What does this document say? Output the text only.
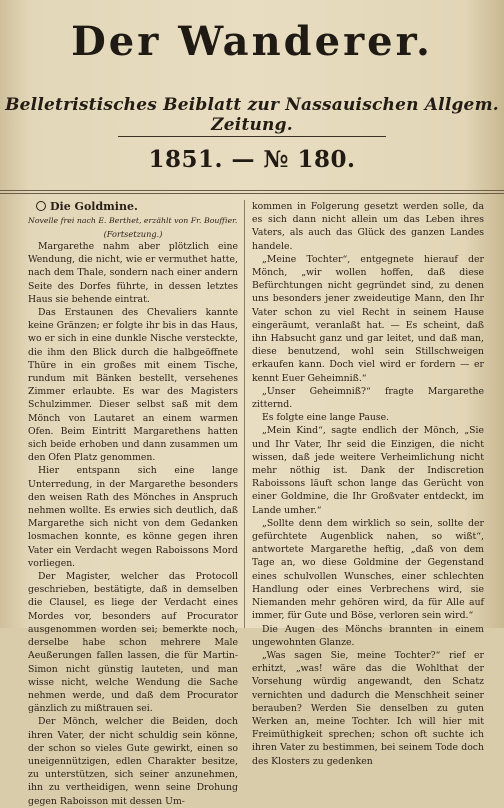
Der Wanderer.
Belletristisches Beiblatt zur Nassauischen Allgem. Zeitung.
1851. — № 180.
Die Goldmine.
Novelle frei nach E. Berthet, erzählt von Fr. Bouffier.
(Fortsetzung.)

Margarethe nahm aber plötzlich eine Wendung, die nicht, wie er vermuthet hatte, nach dem Thale, sondern nach einer andern Seite des Dorfes führte, in dessen letztes Haus sie behende eintrat.

Das Erstaunen des Chevaliers kannte keine Gränzen; er folgte ihr bis in das Haus, wo er sich in eine dunkle Nische versteckte, die ihm den Blick durch die halbgeöffnete Thüre in ein großes mit einem Tische, rundum mit Bänken bestellt, versehenes Zimmer erlaubte. Es war des Magisters Schulzimmer. Dieser selbst saß mit dem Mönch von Lautaret an einem warmen Ofen. Beim Eintritt Margarethens hatten sich beide erhoben und dann zusammen um den Ofen Platz genommen.

Hier entspann sich eine lange Unterredung, in der Margarethe besonders den weisen Rath des Mönches in Anspruch nehmen wollte. Es erwies sich deutlich, daß Margarethe sich nicht von dem Gedanken losmachen konnte, es könne gegen ihren Vater ein Verdacht wegen Raboissons Mord vorliegen.

Der Magister, welcher das Protocoll geschrieben, bestätigte, daß in demselben die Clausel, es liege der Verdacht eines Mordes vor, besonders auf Procurator ausgenommen worden sei; bemerkte noch, derselbe habe schon mehrere Male Aeußerungen fallen lassen, die für Martin-Simon nicht günstig lauteten, und man wisse nicht, welche Wendung die Sache nehmen werde, und daß dem Procurator gänzlich zu mißtrauen sei.

Der Mönch, welcher die Beiden, doch ihren Vater, der nicht schuldig sein könne, der schon so vieles Gute gewirkt, einen so uneigennützigen, edlen Charakter besitze, zu unterstützen, sich seiner anzunehmen, ihn zu vertheidigen, wenn seine Drohung gegen Raboisson mit dessen Um-

kommen in Folgerung gesetzt werden solle, da es sich dann nicht allein um das Leben ihres Vaters, als auch das Glück des ganzen Landes handele.

„Meine Tochter“, entgegnete hierauf der Mönch, „wir wollen hoffen, daß diese Befürchtungen nicht gegründet sind, zu denen uns besonders jener zweideutige Mann, den Ihr Vater schon zu viel Recht in seinem Hause eingeräumt, veranlaßt hat. — Es scheint, daß ihn Habsucht ganz und gar leitet, und daß man, diese benutzend, wohl sein Stillschweigen erkaufen kann. Doch viel wird er fordern — er kennt Euer Geheimniß.“

„Unser Geheimniß?“ fragte Margarethe zitternd.

Es folgte eine lange Pause.

„Mein Kind“, sagte endlich der Mönch, „Sie und Ihr Vater, Ihr seid die Einzigen, die nicht wissen, daß jede weitere Verheimlichung nicht mehr nöthig ist. Dank der Indiscretion Raboissons läuft schon lange das Gerücht von einer Goldmine, die Ihr Großvater entdeckt, im Lande umher.“

„Sollte denn dem wirklich so sein, sollte der gefürchtete Augenblick nahen, so wißt“, antwortete Margarethe heftig, „daß von dem Tage an, wo diese Goldmine der Gegenstand eines schulvollen Wunsches, einer schlechten Handlung oder eines Verbrechens wird, sie Niemanden mehr gehören wird, da für Alle auf immer, für Gute und Böse, verloren sein wird.“

Die Augen des Mönchs brannten in einem ungewohnten Glanze.

„Was sagen Sie, meine Tochter?“ rief er erhitzt, „was! wäre das die Wohlthat der Vorsehung würdig angewandt, den Schatz vernichten und dadurch die Menschheit seiner berauben? Werden Sie denselben zu guten Werken an, meine Tochter. Ich will hier mit Freimüthigkeit sprechen; schon oft suchte ich ihren Vater zu bestimmen, bei seinem Tode doch des Klosters zu gedenken
